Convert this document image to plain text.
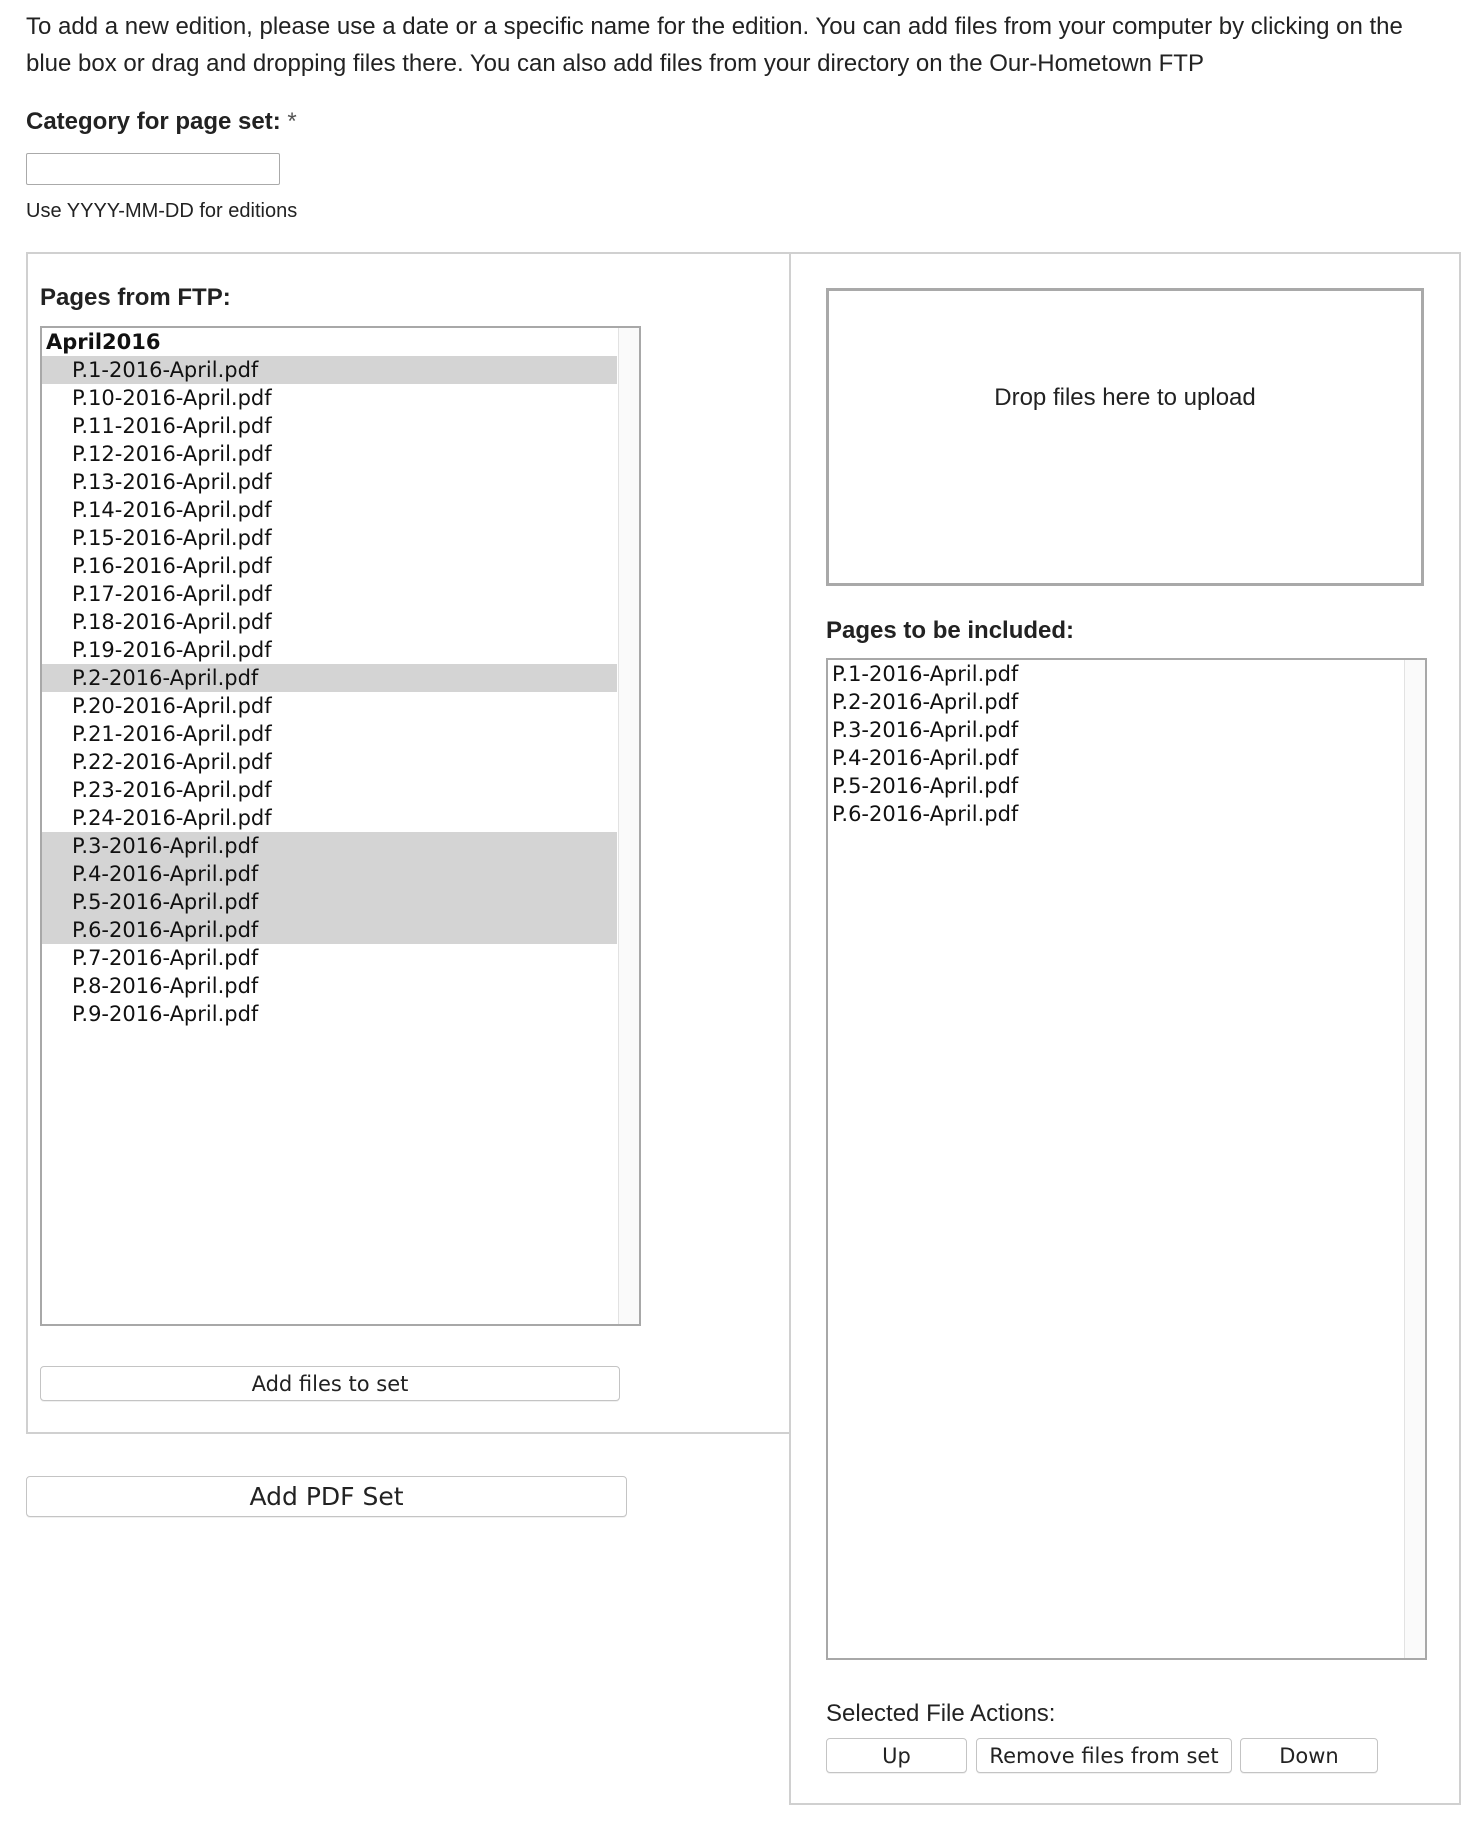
To add a new edition, please use a date or a specific name for the edition. You can add files from your computer by clicking on the blue box or drag and dropping files there. You can also add files from your directory on the Our-Hometown FTP

Category for page set: *
Use YYYY-MM-DD for editions
Pages from FTP:
April2016
P.1-2016-April.pdf
P.10-2016-April.pdf
P.11-2016-April.pdf
P.12-2016-April.pdf
P.13-2016-April.pdf
P.14-2016-April.pdf
P.15-2016-April.pdf
P.16-2016-April.pdf
P.17-2016-April.pdf
P.18-2016-April.pdf
P.19-2016-April.pdf
P.2-2016-April.pdf
P.20-2016-April.pdf
P.21-2016-April.pdf
P.22-2016-April.pdf
P.23-2016-April.pdf
P.24-2016-April.pdf
P.3-2016-April.pdf
P.4-2016-April.pdf
P.5-2016-April.pdf
P.6-2016-April.pdf
P.7-2016-April.pdf
P.8-2016-April.pdf
P.9-2016-April.pdf
Add files to set
Add PDF Set
Drop files here to upload
Pages to be included:
P.1-2016-April.pdf
P.2-2016-April.pdf
P.3-2016-April.pdf
P.4-2016-April.pdf
P.5-2016-April.pdf
P.6-2016-April.pdf
Selected File Actions:
Up	Remove files from set	Down
